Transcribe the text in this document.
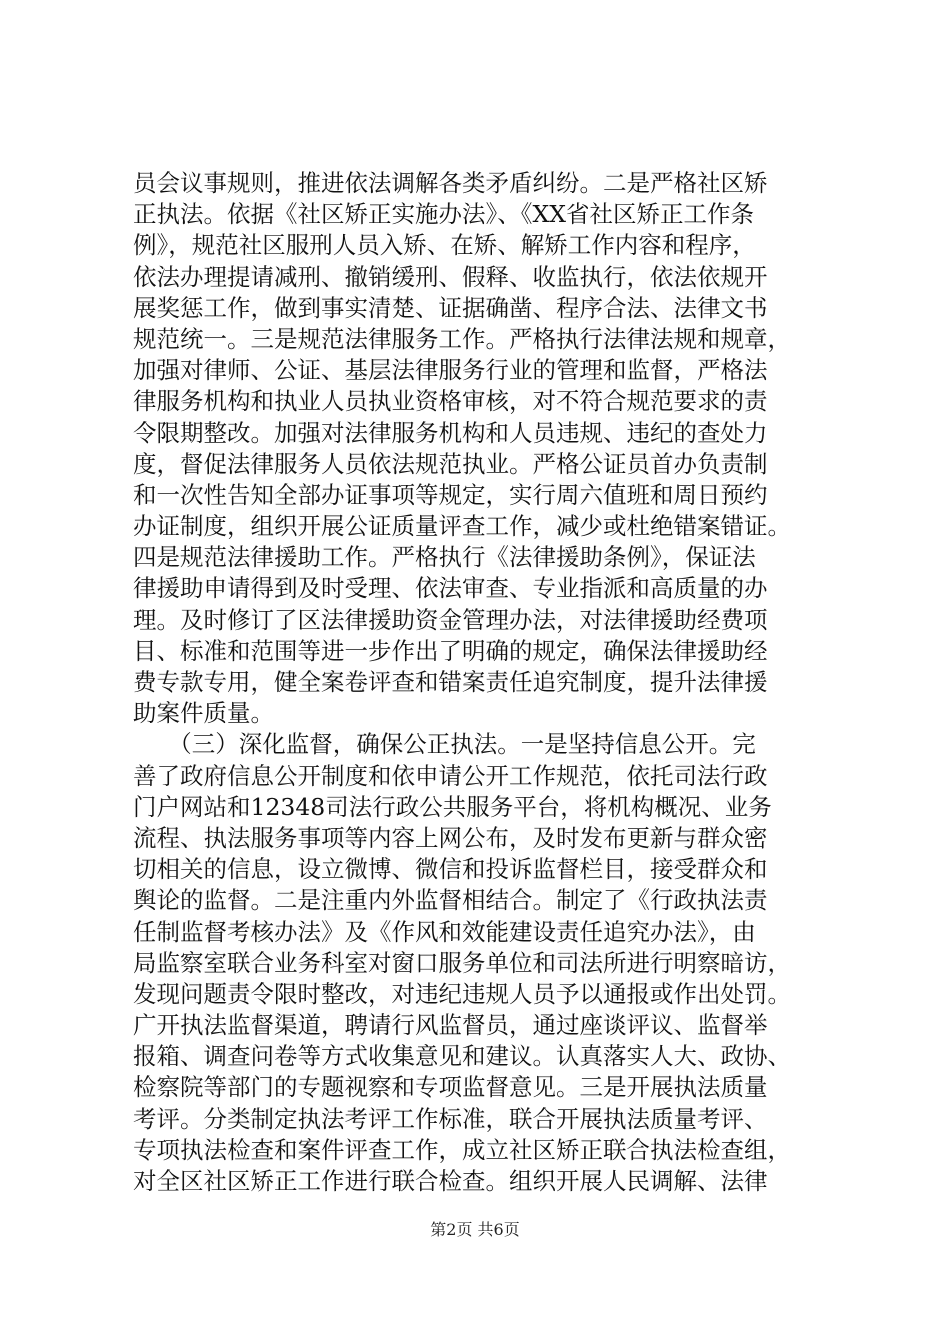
员会议事规则，推进依法调解各类矛盾纠纷。二是严格社区矫
正执法。依据《社区矫正实施办法》、《XX省社区矫正工作条
例》，规范社区服刑人员入矫、在矫、解矫工作内容和程序，
依法办理提请减刑、撤销缓刑、假释、收监执行，依法依规开
展奖惩工作，做到事实清楚、证据确凿、程序合法、法律文书
规范统一。三是规范法律服务工作。严格执行法律法规和规章，
加强对律师、公证、基层法律服务行业的管理和监督，严格法
律服务机构和执业人员执业资格审核，对不符合规范要求的责
令限期整改。加强对法律服务机构和人员违规、违纪的查处力
度，督促法律服务人员依法规范执业。严格公证员首办负责制
和一次性告知全部办证事项等规定，实行周六值班和周日预约
办证制度，组织开展公证质量评查工作，减少或杜绝错案错证。
四是规范法律援助工作。严格执行《法律援助条例》，保证法
律援助申请得到及时受理、依法审查、专业指派和高质量的办
理。及时修订了区法律援助资金管理办法，对法律援助经费项
目、标准和范围等进一步作出了明确的规定，确保法律援助经
费专款专用，健全案卷评查和错案责任追究制度，提升法律援
助案件质量。
　　（三）深化监督，确保公正执法。一是坚持信息公开。完
善了政府信息公开制度和依申请公开工作规范，依托司法行政
门户网站和12348司法行政公共服务平台，将机构概况、业务
流程、执法服务事项等内容上网公布，及时发布更新与群众密
切相关的信息，设立微博、微信和投诉监督栏目，接受群众和
舆论的监督。二是注重内外监督相结合。制定了《行政执法责
任制监督考核办法》及《作风和效能建设责任追究办法》，由
局监察室联合业务科室对窗口服务单位和司法所进行明察暗访，
发现问题责令限时整改，对违纪违规人员予以通报或作出处罚。
广开执法监督渠道，聘请行风监督员，通过座谈评议、监督举
报箱、调查问卷等方式收集意见和建议。认真落实人大、政协、
检察院等部门的专题视察和专项监督意见。三是开展执法质量
考评。分类制定执法考评工作标准，联合开展执法质量考评、
专项执法检查和案件评查工作，成立社区矫正联合执法检查组，
对全区社区矫正工作进行联合检查。组织开展人民调解、法律
第2页 共6页
